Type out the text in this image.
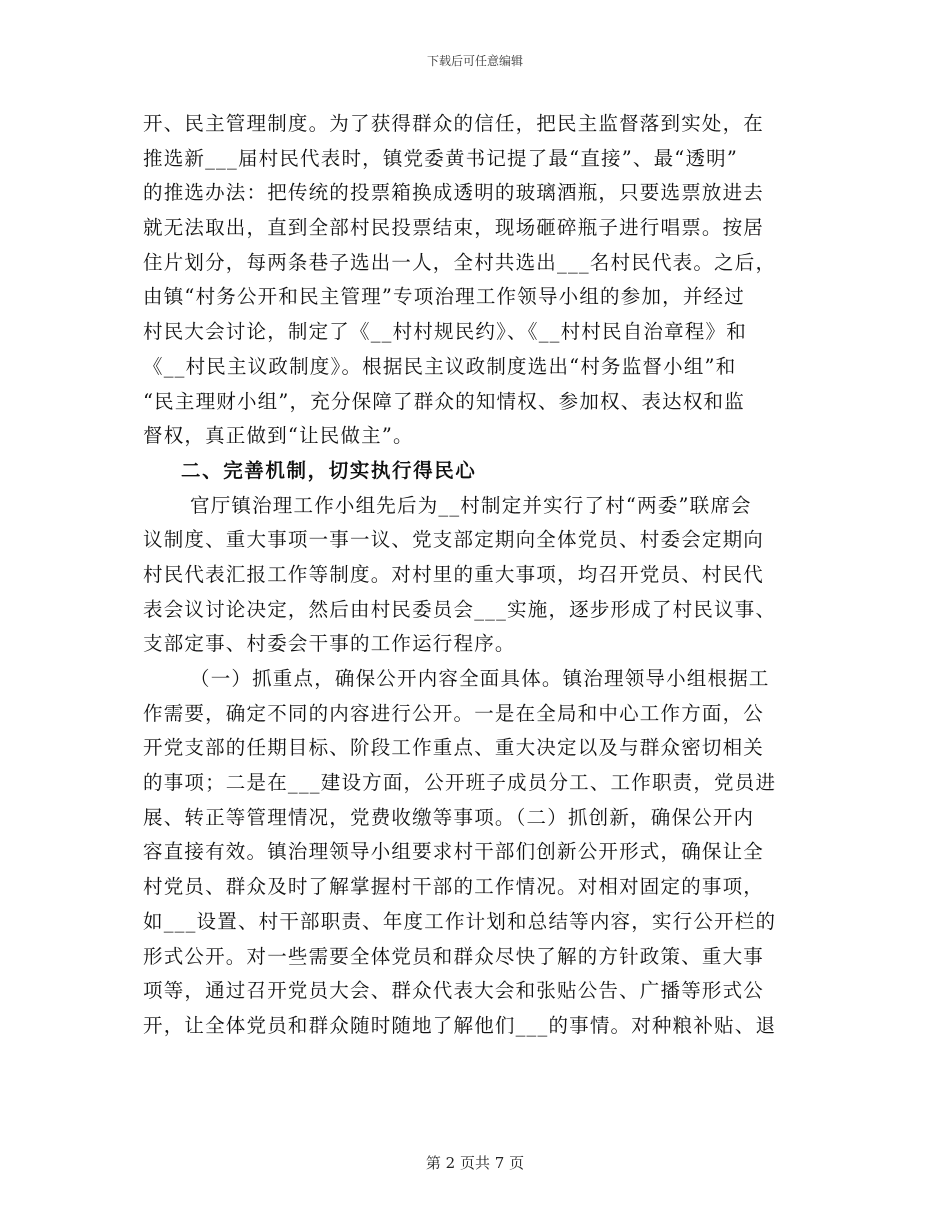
下载后可任意编辑
开、民主管理制度。为了获得群众的信任，把民主监督落到实处，在
推选新___届村民代表时，镇党委黄书记提了最“直接”、最“透明”
的推选办法：把传统的投票箱换成透明的玻璃酒瓶，只要选票放进去
就无法取出，直到全部村民投票结束，现场砸碎瓶子进行唱票。按居
住片划分，每两条巷子选出一人，全村共选出___名村民代表。之后，
由镇“村务公开和民主管理”专项治理工作领导小组的参加，并经过
村民大会讨论，制定了《__村村规民约》、《__村村民自治章程》和
《__村民主议政制度》。根据民主议政制度选出“村务监督小组”和
“民主理财小组”，充分保障了群众的知情权、参加权、表达权和监
督权，真正做到“让民做主”。
二、完善机制，切实执行得民心
官厅镇治理工作小组先后为__村制定并实行了村“两委”联席会
议制度、重大事项一事一议、党支部定期向全体党员、村委会定期向
村民代表汇报工作等制度。对村里的重大事项，均召开党员、村民代
表会议讨论决定，然后由村民委员会___实施，逐步形成了村民议事、
支部定事、村委会干事的工作运行程序。
（一）抓重点，确保公开内容全面具体。镇治理领导小组根据工
作需要，确定不同的内容进行公开。一是在全局和中心工作方面，公
开党支部的任期目标、阶段工作重点、重大决定以及与群众密切相关
的事项；二是在___建设方面，公开班子成员分工、工作职责，党员进
展、转正等管理情况，党费收缴等事项。（二）抓创新，确保公开内
容直接有效。镇治理领导小组要求村干部们创新公开形式，确保让全
村党员、群众及时了解掌握村干部的工作情况。对相对固定的事项，
如___设置、村干部职责、年度工作计划和总结等内容，实行公开栏的
形式公开。对一些需要全体党员和群众尽快了解的方针政策、重大事
项等，通过召开党员大会、群众代表大会和张贴公告、广播等形式公
开，让全体党员和群众随时随地了解他们___的事情。对种粮补贴、退
第 2 页共 7 页
